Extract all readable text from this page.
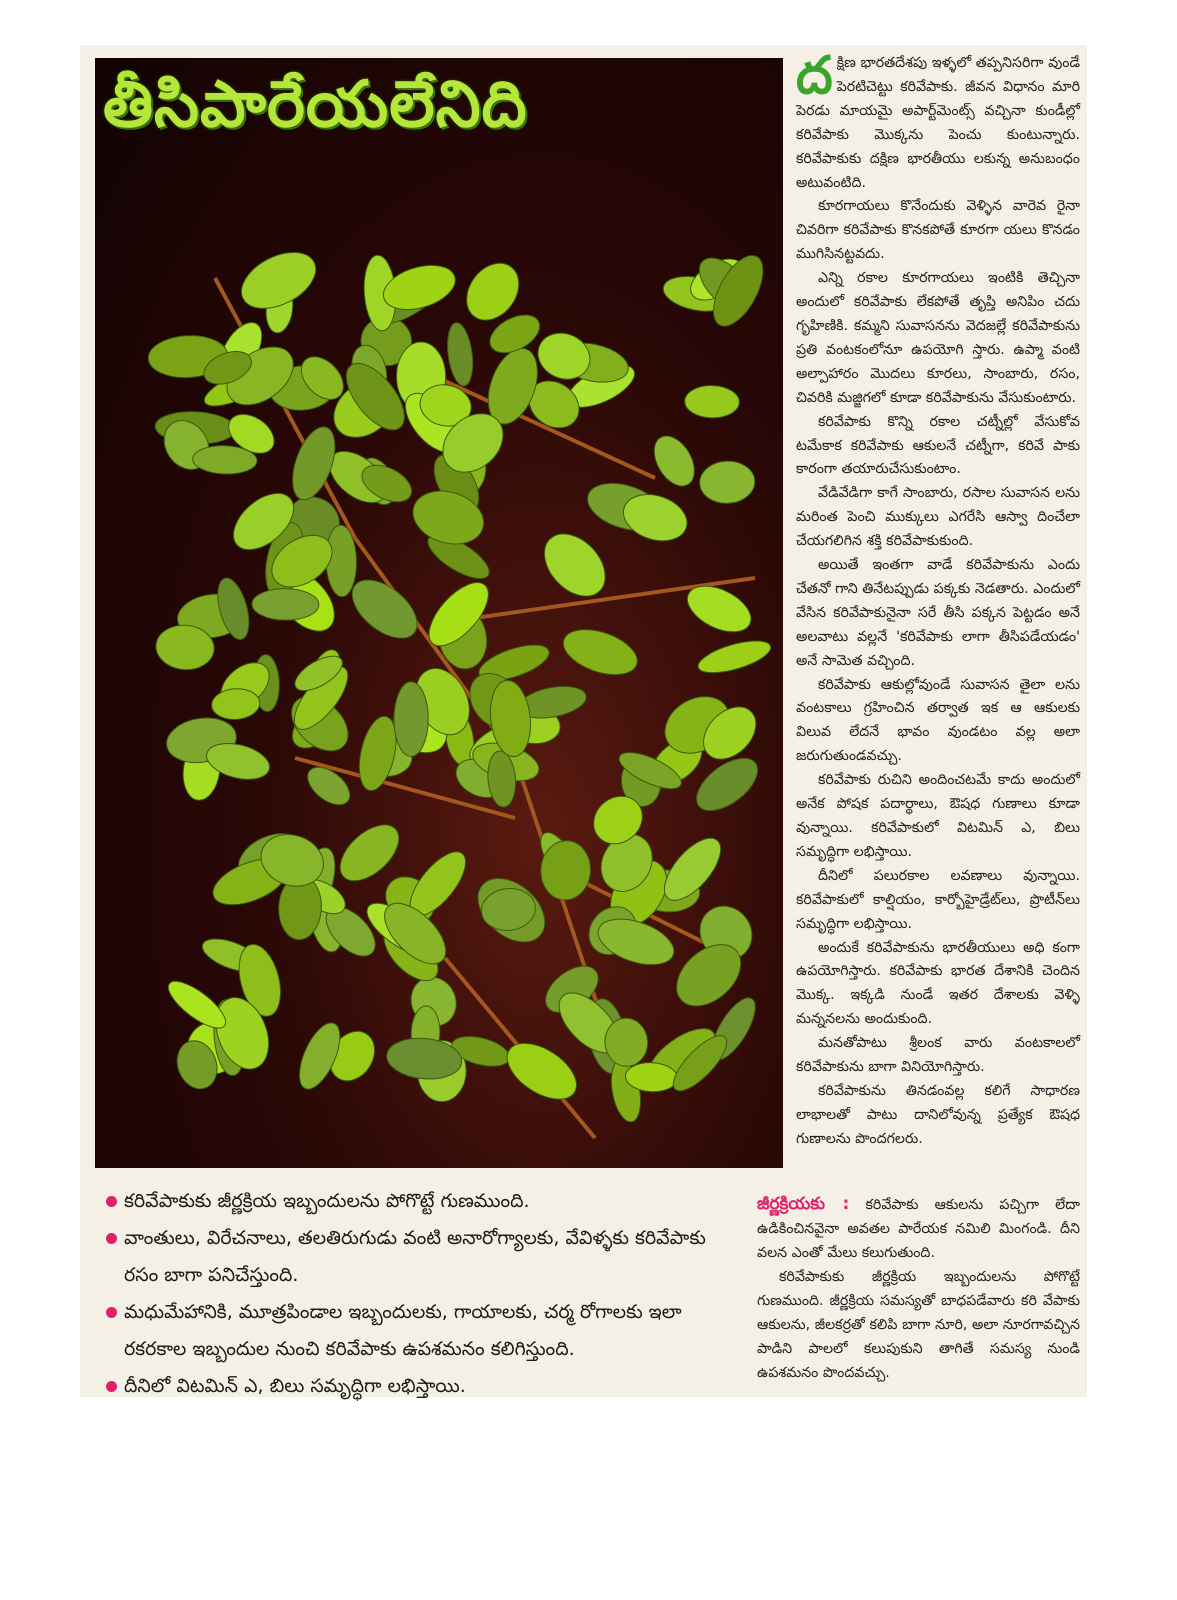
తీసిపారేయలేనిది	దక్షిణ భారతదేశపు ఇళ్ళలో తప్పనిసరిగా వుండే పెరటిచెట్టు కరివేపాకు. జీవన విధానం మారి పెరడు మాయమై అపార్ట్‌మెంట్స్ వచ్చినా కుండీల్లో కరివేపాకు మొక్కను పెంచు కుంటున్నారు. కరివేపాకుకు దక్షిణ భారతీయు లకున్న అనుబంధం అటువంటిది.

కూరగాయలు కొనేందుకు వెళ్ళిన వారెవ రైనా చివరిగా కరివేపాకు కొనకపోతే కూరగా యలు కొనడం ముగిసినట్టవదు.

ఎన్ని రకాల కూరగాయలు ఇంటికి తెచ్చినా అందులో కరివేపాకు లేకపోతే తృప్తి అనిపిం చదు గృహిణికి. కమ్మని సువాసనను వెదజల్లే కరివేపాకును ప్రతి వంటకంలోనూ ఉపయోగి స్తారు. ఉప్మా వంటి అల్పాహారం మొదలు కూరలు, సాంబారు, రసం, చివరికి మజ్జిగలో కూడా కరివేపాకును వేసుకుంటారు.

కరివేపాకు కొన్ని రకాల చట్నీల్లో వేసుకోవ టమేకాక కరివేపాకు ఆకులనే చట్నీగా, కరివే పాకు కారంగా తయారుచేసుకుంటాం.

వేడివేడిగా కాగే సాంబారు, రసాల సువాసన లను మరింత పెంచి ముక్కులు ఎగరేసి ఆస్వా దించేలా చేయగలిగిన శక్తి కరివేపాకుకుంది.

అయితే ఇంతగా వాడే కరివేపాకును ఎందు చేతనో గాని తినేటప్పుడు పక్కకు నెడతారు. ఎందులో వేసిన కరివేపాకునైనా సరే తీసి పక్కన పెట్టడం అనే అలవాటు వల్లనే 'కరివేపాకు లాగా తీసిపడేయడం' అనే సామెత వచ్చింది.

కరివేపాకు ఆకుల్లోవుండే సువాసన తైలా లను వంటకాలు గ్రహించిన తర్వాత ఇక ఆ ఆకులకు విలువ లేదనే భావం వుండటం వల్ల అలా జరుగుతుండవచ్చు.

కరివేపాకు రుచిని అందించటమే కాదు అందులో అనేక పోషక పదార్థాలు, ఔషధ గుణాలు కూడా వున్నాయి. కరివేపాకులో విటమిన్ ఎ, బిలు సమృద్ధిగా లభిస్తాయి.

దీనిలో పలురకాల లవణాలు వున్నాయి. కరివేపాకులో కాల్షియం, కార్బోహైడ్రేట్‌లు, ప్రొటీన్‌లు సమృద్ధిగా లభిస్తాయి.

అందుకే కరివేపాకును భారతీయులు అధి కంగా ఉపయోగిస్తారు. కరివేపాకు భారత దేశానికి చెందిన మొక్క. ఇక్కడి నుండే ఇతర దేశాలకు వెళ్ళి మన్ననలను అందుకుంది.

మనతోపాటు శ్రీలంక వారు వంటకాలలో కరివేపాకును బాగా వినియోగిస్తారు.

కరివేపాకును తినడంవల్ల కలిగే సాధారణ లాభాలతో పాటు దానిలోవున్న ప్రత్యేక ఔషధ గుణాలను పొందగలరు.

జీర్ణక్రియకు : కరివేపాకు ఆకులను పచ్చిగా లేదా ఉడికించినవైనా అవతల పారేయక నమిలి మింగండి. దీని వలన ఎంతో మేలు కలుగుతుంది.

కరివేపాకుకు జీర్ణక్రియ ఇబ్బందులను పోగొట్టే గుణముంది. జీర్ణక్రియ సమస్యతో బాధపడేవారు కరి వేపాకు ఆకులను, జీలకర్రతో కలిపి బాగా నూరి, అలా నూరగావచ్చిన పాడిని పాలలో కలుపుకుని తాగితే సమస్య నుండి ఉపశమనం పొందవచ్చు.

కరివేపాకుకు జీర్ణక్రియ ఇబ్బందులను పోగొట్టే గుణముంది.
వాంతులు, విరేచనాలు, తలతిరుగుడు వంటి అనారోగ్యాలకు, వేవిళ్ళకు కరివేపాకు రసం బాగా పనిచేస్తుంది.
మధుమేహానికి, మూత్రపిండాల ఇబ్బందులకు, గాయాలకు, చర్మ రోగాలకు ఇలా రకరకాల ఇబ్బందుల నుంచి కరివేపాకు ఉపశమనం కలిగిస్తుంది.
దీనిలో విటమిన్ ఎ, బిలు సమృద్ధిగా లభిస్తాయి.
